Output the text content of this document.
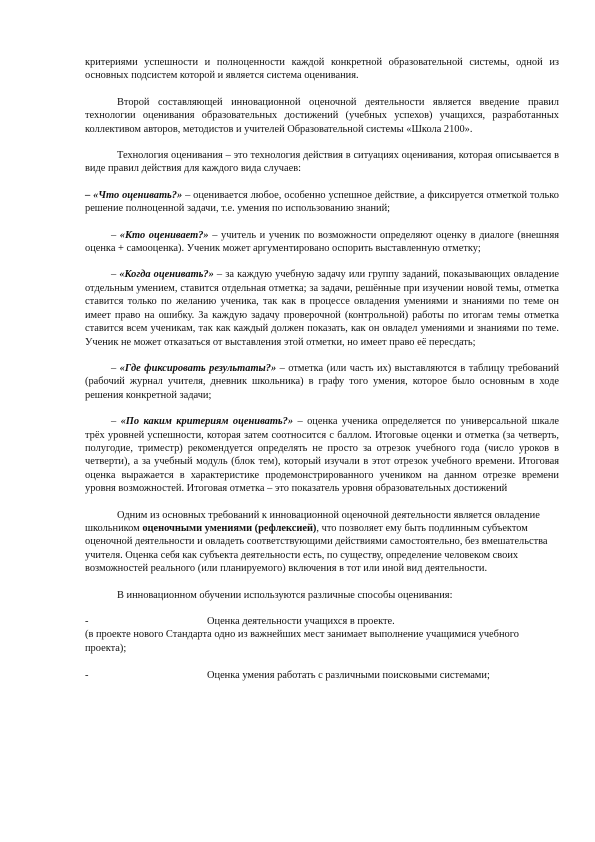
критериями успешности и полноценности каждой конкретной образовательной системы, одной из основных подсистем которой и является система оценивания.

Второй составляющей инновационной оценочной деятельности является введение правил технологии оценивания образовательных достижений (учебных успехов) учащихся, разработанных коллективом авторов, методистов и учителей Образовательной системы «Школа 2100».

Технология оценивания – это технология действия в ситуациях оценивания, которая описывается в виде правил действия для каждого вида случаев:

– «Что оценивать?» – оценивается любое, особенно успешное действие, а фиксируется отметкой только решение полноценной задачи, т.е. умения по использованию знаний;

– «Кто оценивает?» – учитель и ученик по возможности определяют оценку в диалоге (внешняя оценка + самооценка). Ученик может аргументировано оспорить выставленную отметку;

– «Когда оценивать?» – за каждую учебную задачу или группу заданий, показывающих овладение отдельным умением, ставится отдельная отметка; за задачи, решённые при изучении новой темы, отметка ставится только по желанию ученика, так как в процессе овладения умениями и знаниями по теме он имеет право на ошибку. За каждую задачу проверочной (контрольной) работы по итогам темы отметка ставится всем ученикам, так как каждый должен показать, как он овладел умениями и знаниями по теме. Ученик не может отказаться от выставления этой отметки, но имеет право её пересдать;

– «Где фиксировать результаты?» – отметка (или часть их) выставляются в таблицу требований (рабочий журнал учителя, дневник школьника) в графу того умения, которое было основным в ходе решения конкретной задачи;

– «По каким критериям оценивать?» – оценка ученика определяется по универсальной шкале трёх уровней успешности, которая затем соотносится с баллом. Итоговые оценки и отметка (за четверть, полугодие, триместр) рекомендуется определять не просто за отрезок учебного года (число уроков в четверти), а за учебный модуль (блок тем), который изучали в этот отрезок учебного времени. Итоговая оценка выражается в характеристике продемонстрированного учеником на данном отрезке времени уровня возможностей. Итоговая отметка – это показатель уровня образовательных достижений

Одним из основных требований к инновационной оценочной деятельности является овладение школьником оценочными умениями (рефлексией), что позволяет ему быть подлинным субъектом оценочной деятельности и овладеть соответствующими действиями самостоятельно, без вмешательства учителя. Оценка себя как субъекта деятельности есть, по существу, определение человеком своих возможностей реального (или планируемого) включения в тот или иной вид деятельности.

В инновационном обучении используются различные способы оценивания:

-	Оценка деятельности учащихся в проекте.

(в проекте нового Стандарта одно из важнейших мест занимает выполнение учащимися учебного проекта);

-	Оценка умения работать с различными поисковыми системами;
